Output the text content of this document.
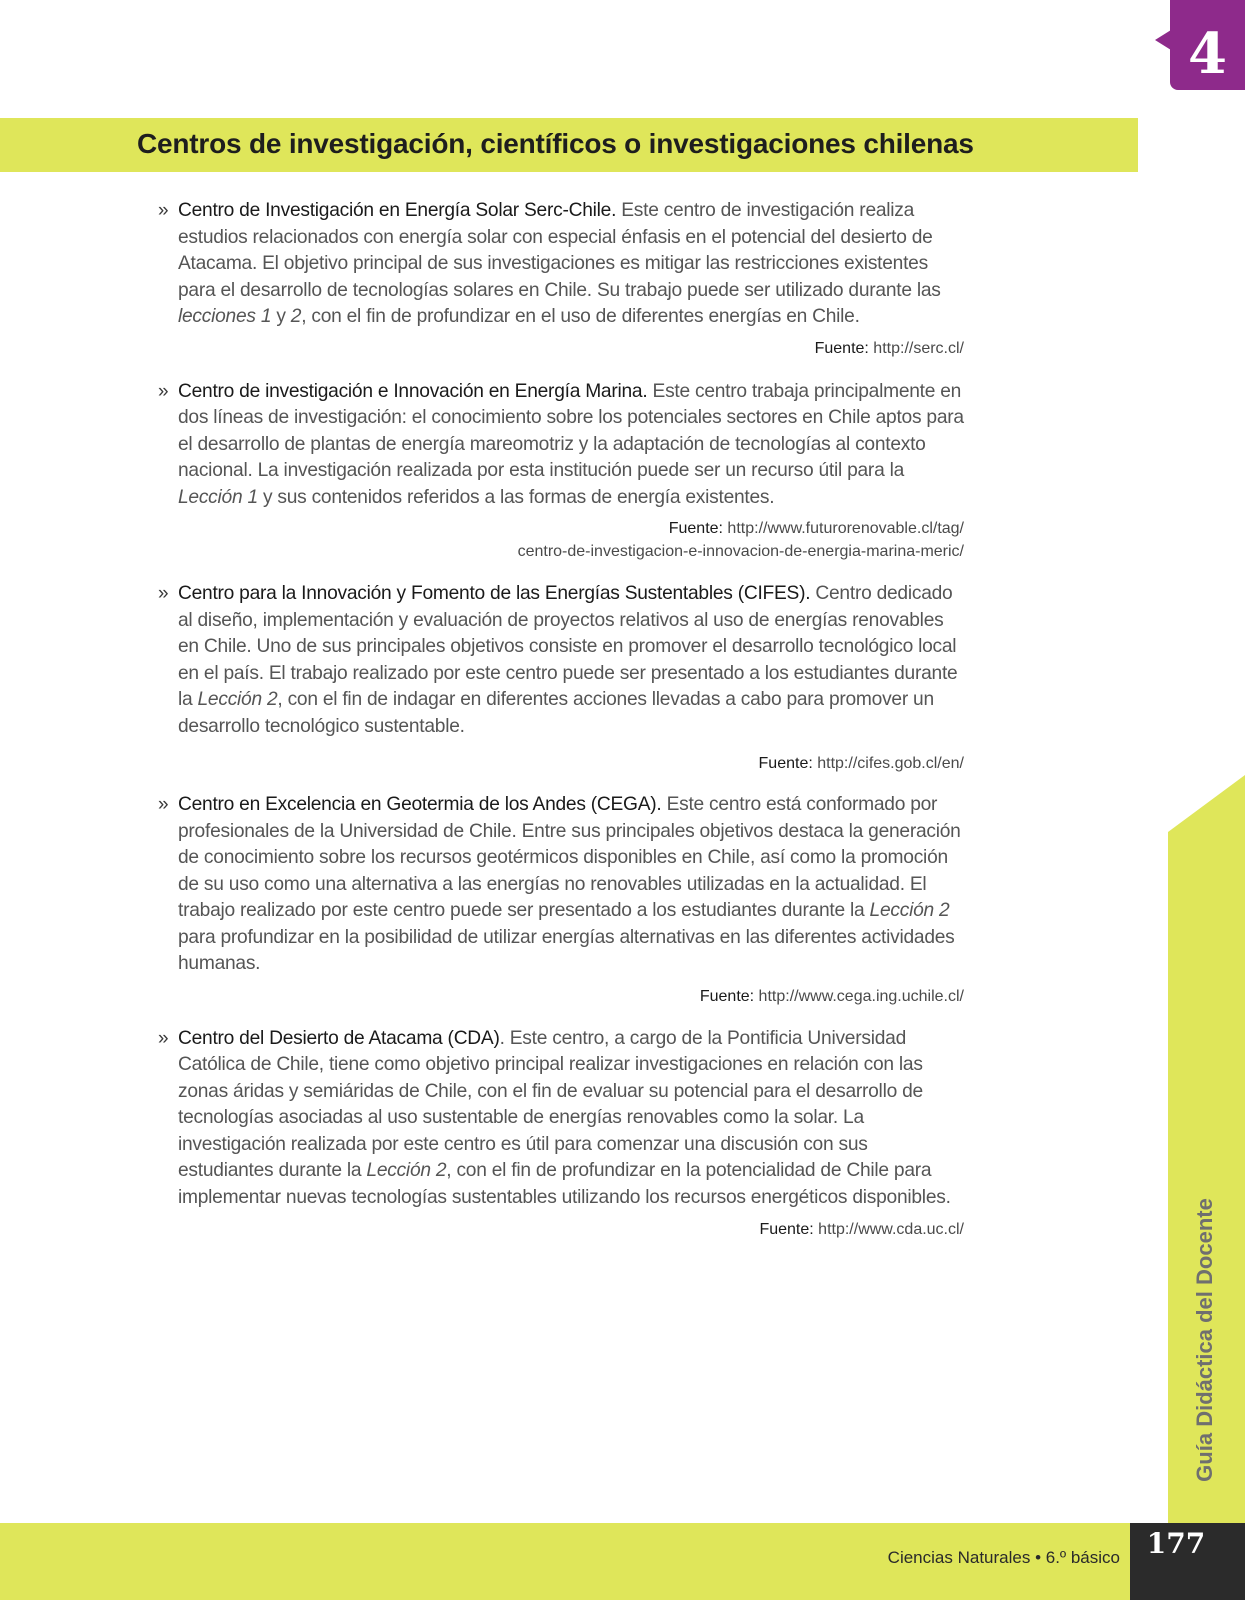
4
Centros de investigación, científicos o investigaciones chilenas
» Centro de Investigación en Energía Solar Serc-Chile. Este centro de investigación realiza estudios relacionados con energía solar con especial énfasis en el potencial del desierto de Atacama. El objetivo principal de sus investigaciones es mitigar las restricciones existentes para el desarrollo de tecnologías solares en Chile. Su trabajo puede ser utilizado durante las lecciones 1 y 2, con el fin de profundizar en el uso de diferentes energías en Chile.

Fuente: http://serc.cl/
» Centro de investigación e Innovación en Energía Marina. Este centro trabaja principalmente en dos líneas de investigación: el conocimiento sobre los potenciales sectores en Chile aptos para el desarrollo de plantas de energía mareomotriz y la adaptación de tecnologías al contexto nacional. La investigación realizada por esta institución puede ser un recurso útil para la Lección 1 y sus contenidos referidos a las formas de energía existentes.

Fuente: http://www.futurorenovable.cl/tag/
centro-de-investigacion-e-innovacion-de-energia-marina-meric/
» Centro para la Innovación y Fomento de las Energías Sustentables (CIFES). Centro dedicado al diseño, implementación y evaluación de proyectos relativos al uso de energías renovables en Chile. Uno de sus principales objetivos consiste en promover el desarrollo tecnológico local en el país. El trabajo realizado por este centro puede ser presentado a los estudiantes durante la Lección 2, con el fin de indagar en diferentes acciones llevadas a cabo para promover un desarrollo tecnológico sustentable.

Fuente: http://cifes.gob.cl/en/
» Centro en Excelencia en Geotermia de los Andes (CEGA). Este centro está conformado por profesionales de la Universidad de Chile. Entre sus principales objetivos destaca la generación de conocimiento sobre los recursos geotérmicos disponibles en Chile, así como la promoción de su uso como una alternativa a las energías no renovables utilizadas en la actualidad. El trabajo realizado por este centro puede ser presentado a los estudiantes durante la Lección 2 para profundizar en la posibilidad de utilizar energías alternativas en las diferentes actividades humanas.

Fuente: http://www.cega.ing.uchile.cl/
» Centro del Desierto de Atacama (CDA). Este centro, a cargo de la Pontificia Universidad Católica de Chile, tiene como objetivo principal realizar investigaciones en relación con las zonas áridas y semiáridas de Chile, con el fin de evaluar su potencial para el desarrollo de tecnologías asociadas al uso sustentable de energías renovables como la solar. La investigación realizada por este centro es útil para comenzar una discusión con sus estudiantes durante la Lección 2, con el fin de profundizar en la potencialidad de Chile para implementar nuevas tecnologías sustentables utilizando los recursos energéticos disponibles.

Fuente: http://www.cda.uc.cl/	Guía Didáctica del Docente
Ciencias Naturales • 6.º básico 177
